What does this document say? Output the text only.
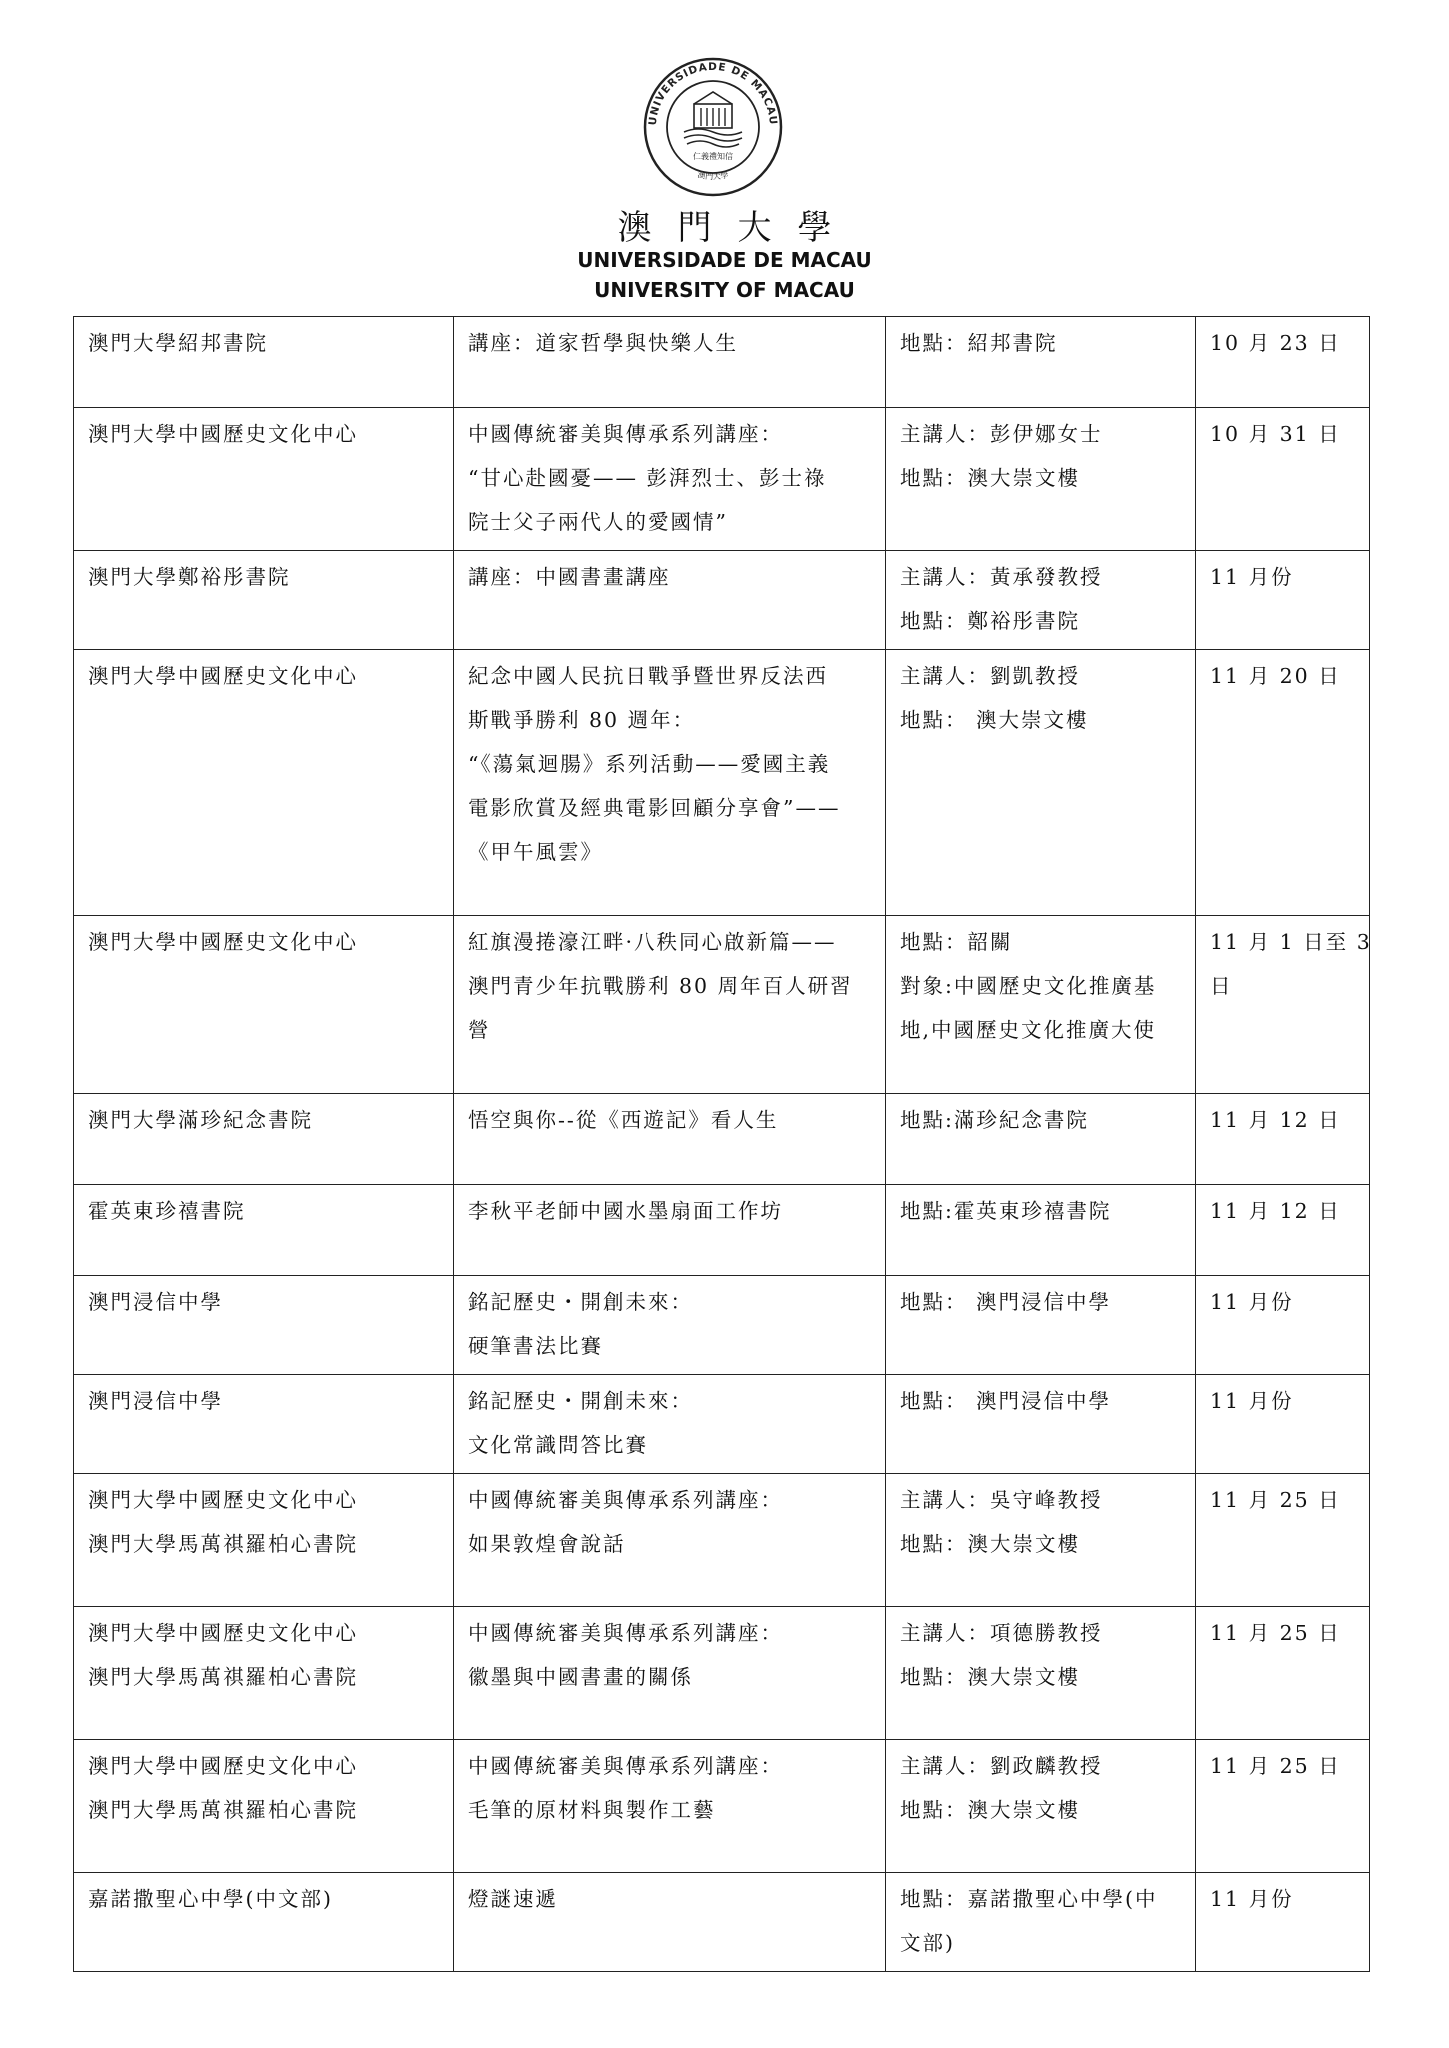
UNIVERSIDADE DE MACAU
澳門大學
仁義禮知信
澳門大學
UNIVERSIDADE DE MACAU
UNIVERSITY OF MACAU
澳門大學紹邦書院	講座：道家哲學與快樂人生	地點：紹邦書院	10 月 23 日

澳門大學中國歷史文化中心	中國傳統審美與傳承系列講座：
“甘心赴國憂—— 彭湃烈士、彭士祿
院士父子兩代人的愛國情”	主講人：彭伊娜女士
地點：澳大崇文樓	10 月 31 日

澳門大學鄭裕彤書院	講座：中國書畫講座	主講人：黃承發教授
地點：鄭裕彤書院	11 月份

澳門大學中國歷史文化中心	紀念中國人民抗日戰爭暨世界反法西
斯戰爭勝利 80 週年：
“《蕩氣迴腸》系列活動——愛國主義
電影欣賞及經典電影回顧分享會”——
《甲午風雲》	主講人：劉凱教授
地點： 澳大崇文樓	11 月 20 日

澳門大學中國歷史文化中心	紅旗漫捲濠江畔·八秩同心啟新篇——
澳門青少年抗戰勝利 80 周年百人研習
營	地點：韶關
對象:中國歷史文化推廣基
地,中國歷史文化推廣大使	11 月 1 日至 3
日

澳門大學滿珍紀念書院	悟空與你--從《西遊記》看人生	地點:滿珍紀念書院	11 月 12 日

霍英東珍禧書院	李秋平老師中國水墨扇面工作坊	地點:霍英東珍禧書院	11 月 12 日

澳門浸信中學	銘記歷史・開創未來：
硬筆書法比賽	地點： 澳門浸信中學	11 月份

澳門浸信中學	銘記歷史・開創未來：
文化常識問答比賽	地點： 澳門浸信中學	11 月份

澳門大學中國歷史文化中心
澳門大學馬萬祺羅柏心書院	中國傳統審美與傳承系列講座：
如果敦煌會說話	主講人：吳守峰教授
地點：澳大崇文樓	11 月 25 日

澳門大學中國歷史文化中心
澳門大學馬萬祺羅柏心書院	中國傳統審美與傳承系列講座：
徽墨與中國書畫的關係	主講人：項德勝教授
地點：澳大崇文樓	11 月 25 日

澳門大學中國歷史文化中心
澳門大學馬萬祺羅柏心書院	中國傳統審美與傳承系列講座：
毛筆的原材料與製作工藝	主講人：劉政麟教授
地點：澳大崇文樓	11 月 25 日

嘉諾撒聖心中學(中文部)	燈謎速遞	地點：嘉諾撒聖心中學(中
文部)	11 月份
